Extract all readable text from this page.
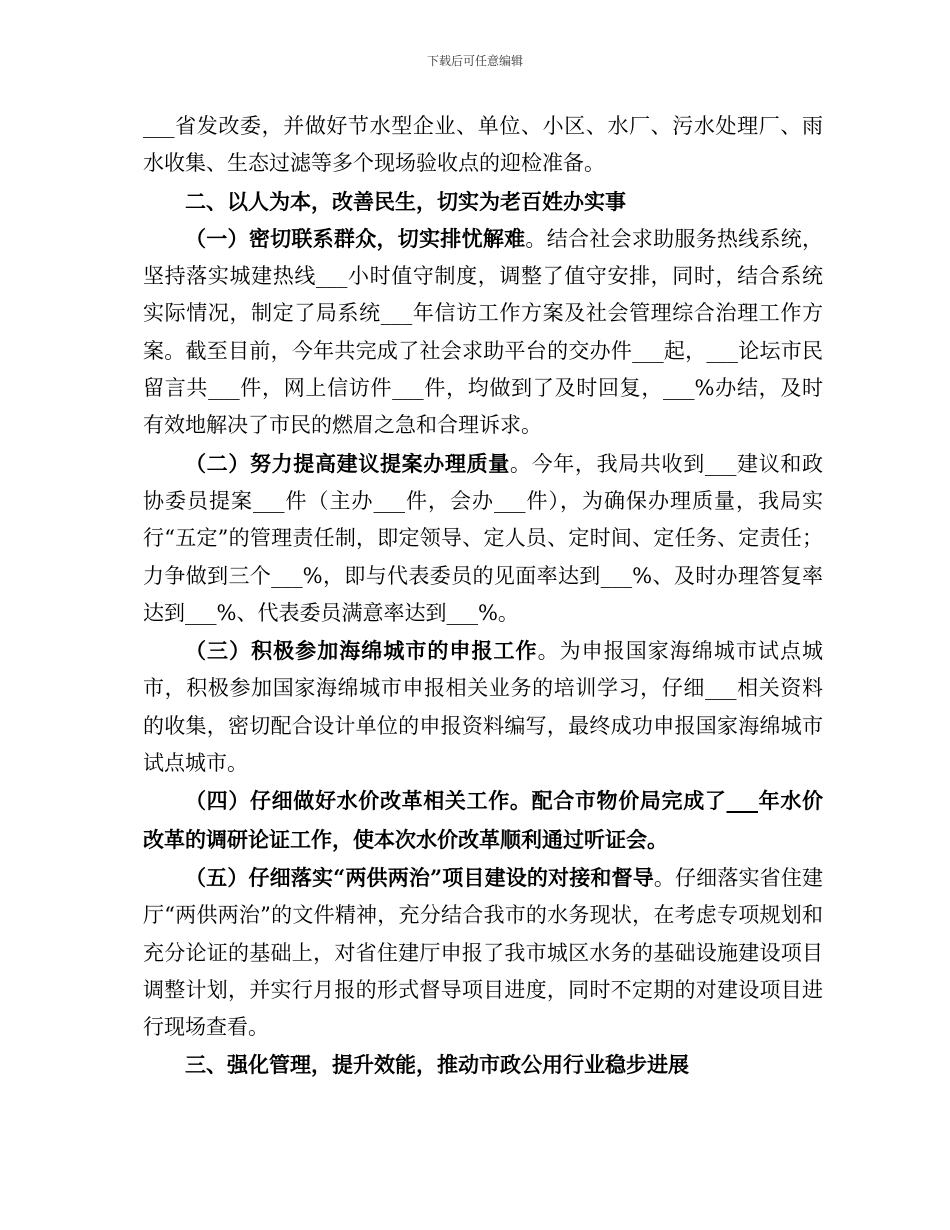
下载后可任意编辑

___省发改委，并做好节水型企业、单位、小区、水厂、污水处理厂、雨水收集、生态过滤等多个现场验收点的迎检准备。

二、以人为本，改善民生，切实为老百姓办实事

（一）密切联系群众，切实排忧解难。结合社会求助服务热线系统，坚持落实城建热线___小时值守制度，调整了值守安排，同时，结合系统实际情况，制定了局系统___年信访工作方案及社会管理综合治理工作方案。截至目前，今年共完成了社会求助平台的交办件___起，___论坛市民留言共___件，网上信访件___件，均做到了及时回复，___%办结，及时有效地解决了市民的燃眉之急和合理诉求。

（二）努力提高建议提案办理质量。今年，我局共收到___建议和政协委员提案___件（主办___件，会办___件），为确保办理质量，我局实行“五定”的管理责任制，即定领导、定人员、定时间、定任务、定责任；力争做到三个___%，即与代表委员的见面率达到___%、及时办理答复率达到___%、代表委员满意率达到___%。

（三）积极参加海绵城市的申报工作。为申报国家海绵城市试点城市，积极参加国家海绵城市申报相关业务的培训学习，仔细___相关资料的收集，密切配合设计单位的申报资料编写，最终成功申报国家海绵城市试点城市。

（四）仔细做好水价改革相关工作。配合市物价局完成了___年水价改革的调研论证工作，使本次水价改革顺利通过听证会。

（五）仔细落实“两供两治”项目建设的对接和督导。仔细落实省住建厅“两供两治”的文件精神，充分结合我市的水务现状，在考虑专项规划和充分论证的基础上，对省住建厅申报了我市城区水务的基础设施建设项目调整计划，并实行月报的形式督导项目进度，同时不定期的对建设项目进行现场查看。

三、强化管理，提升效能，推动市政公用行业稳步进展
